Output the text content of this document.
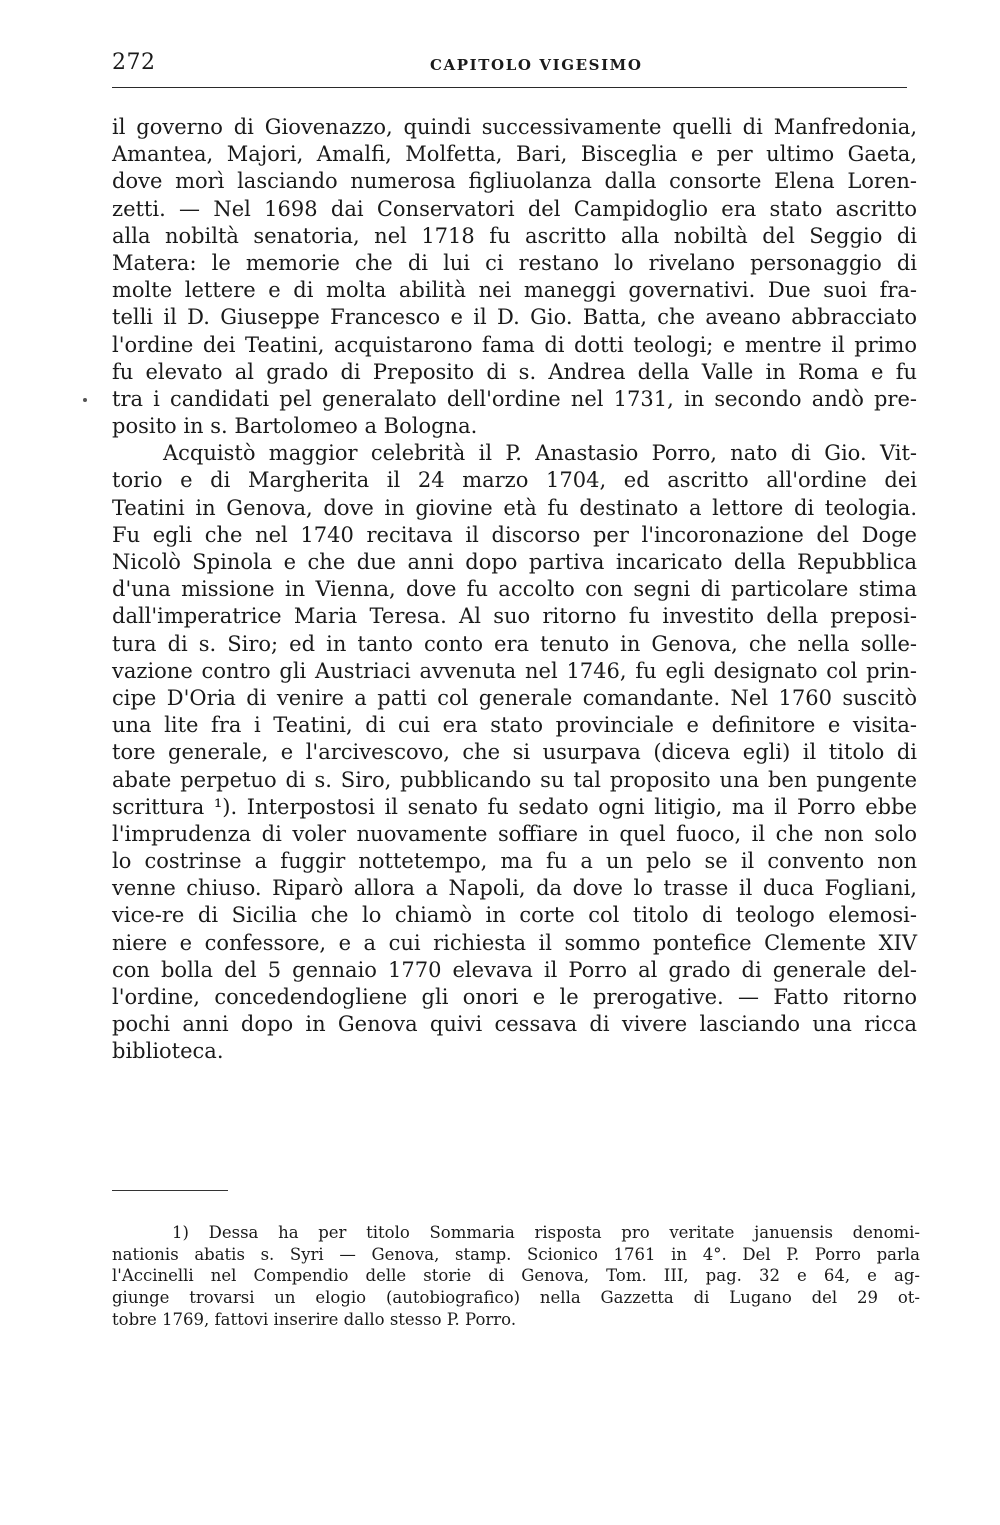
272	CAPITOLO VIGESIMO
il governo di Giovenazzo, quindi successivamente quelli di Manfredonia,
Amantea, Majori, Amalfi, Molfetta, Bari, Bisceglia e per ultimo Gaeta,
dove morì lasciando numerosa figliuolanza dalla consorte Elena Loren-
zetti. — Nel 1698 dai Conservatori del Campidoglio era stato ascritto
alla nobiltà senatoria, nel 1718 fu ascritto alla nobiltà del Seggio di
Matera: le memorie che di lui ci restano lo rivelano personaggio di
molte lettere e di molta abilità nei maneggi governativi. Due suoi fra-
telli il D. Giuseppe Francesco e il D. Gio. Batta, che aveano abbracciato
l'ordine dei Teatini, acquistarono fama di dotti teologi; e mentre il primo
fu elevato al grado di Preposito di s. Andrea della Valle in Roma e fu
tra i candidati pel generalato dell'ordine nel 1731, in secondo andò pre-
posito in s. Bartolomeo a Bologna.
Acquistò maggior celebrità il P. Anastasio Porro, nato di Gio. Vit-
torio e di Margherita il 24 marzo 1704, ed ascritto all'ordine dei
Teatini in Genova, dove in giovine età fu destinato a lettore di teologia.
Fu egli che nel 1740 recitava il discorso per l'incoronazione del Doge
Nicolò Spinola e che due anni dopo partiva incaricato della Repubblica
d'una missione in Vienna, dove fu accolto con segni di particolare stima
dall'imperatrice Maria Teresa. Al suo ritorno fu investito della preposi-
tura di s. Siro; ed in tanto conto era tenuto in Genova, che nella solle-
vazione contro gli Austriaci avvenuta nel 1746, fu egli designato col prin-
cipe D'Oria di venire a patti col generale comandante. Nel 1760 suscitò
una lite fra i Teatini, di cui era stato provinciale e definitore e visita-
tore generale, e l'arcivescovo, che si usurpava (diceva egli) il titolo di
abate perpetuo di s. Siro, pubblicando su tal proposito una ben pungente
scrittura ¹). Interpostosi il senato fu sedato ogni litigio, ma il Porro ebbe
l'imprudenza di voler nuovamente soffiare in quel fuoco, il che non solo
lo costrinse a fuggir nottetempo, ma fu a un pelo se il convento non
venne chiuso. Riparò allora a Napoli, da dove lo trasse il duca Fogliani,
vice-re di Sicilia che lo chiamò in corte col titolo di teologo elemosi-
niere e confessore, e a cui richiesta il sommo pontefice Clemente XIV
con bolla del 5 gennaio 1770 elevava il Porro al grado di generale del-
l'ordine, concedendogliene gli onori e le prerogative. — Fatto ritorno
pochi anni dopo in Genova quivi cessava di vivere lasciando una ricca
biblioteca.
1) Dessa ha per titolo Sommaria risposta pro veritate januensis denomi-
nationis abatis s. Syri — Genova, stamp. Scionico 1761 in 4°. Del P. Porro parla
l'Accinelli nel Compendio delle storie di Genova, Tom. III, pag. 32 e 64, e ag-
giunge trovarsi un elogio (autobiografico) nella Gazzetta di Lugano del 29 ot-
tobre 1769, fattovi inserire dallo stesso P. Porro.
